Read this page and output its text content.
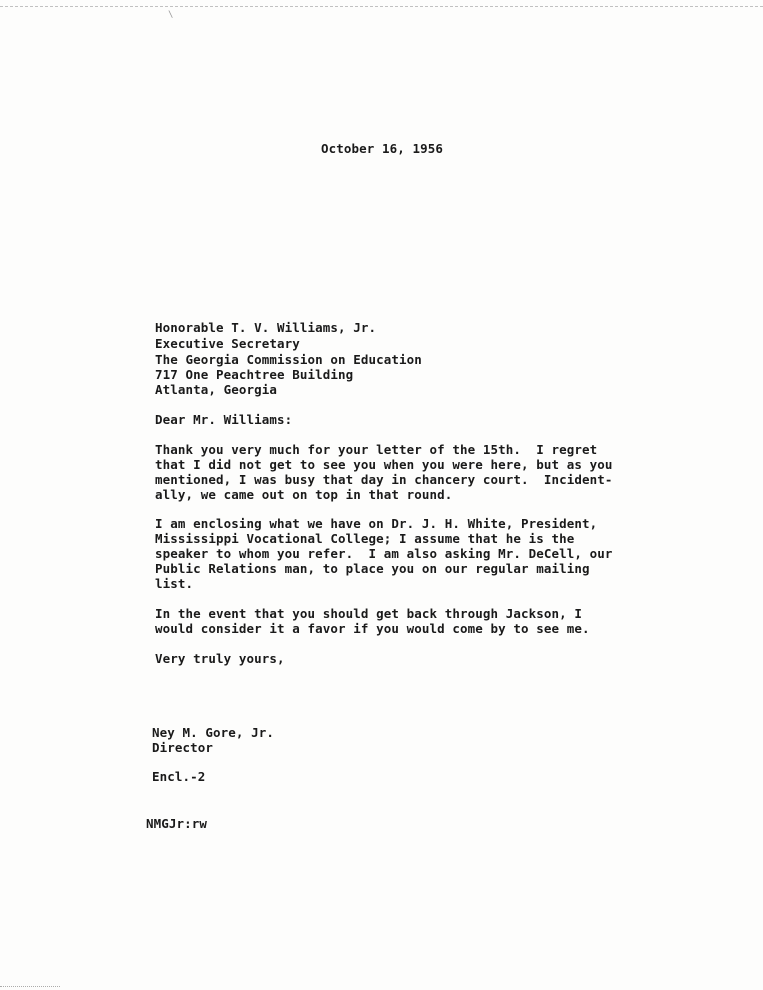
\
October 16, 1956
Honorable T. V. Williams, Jr.
Executive Secretary
The Georgia Commission on Education
717 One Peachtree Building
Atlanta, Georgia
Dear Mr. Williams:
Thank you very much for your letter of the 15th.  I regret
that I did not get to see you when you were here, but as you
mentioned, I was busy that day in chancery court.  Incident-
ally, we came out on top in that round.
I am enclosing what we have on Dr. J. H. White, President,
Mississippi Vocational College; I assume that he is the
speaker to whom you refer.  I am also asking Mr. DeCell, our
Public Relations man, to place you on our regular mailing
list.
In the event that you should get back through Jackson, I
would consider it a favor if you would come by to see me.
Very truly yours,
Ney M. Gore, Jr.
Director
Encl.-2
NMGJr:rw
